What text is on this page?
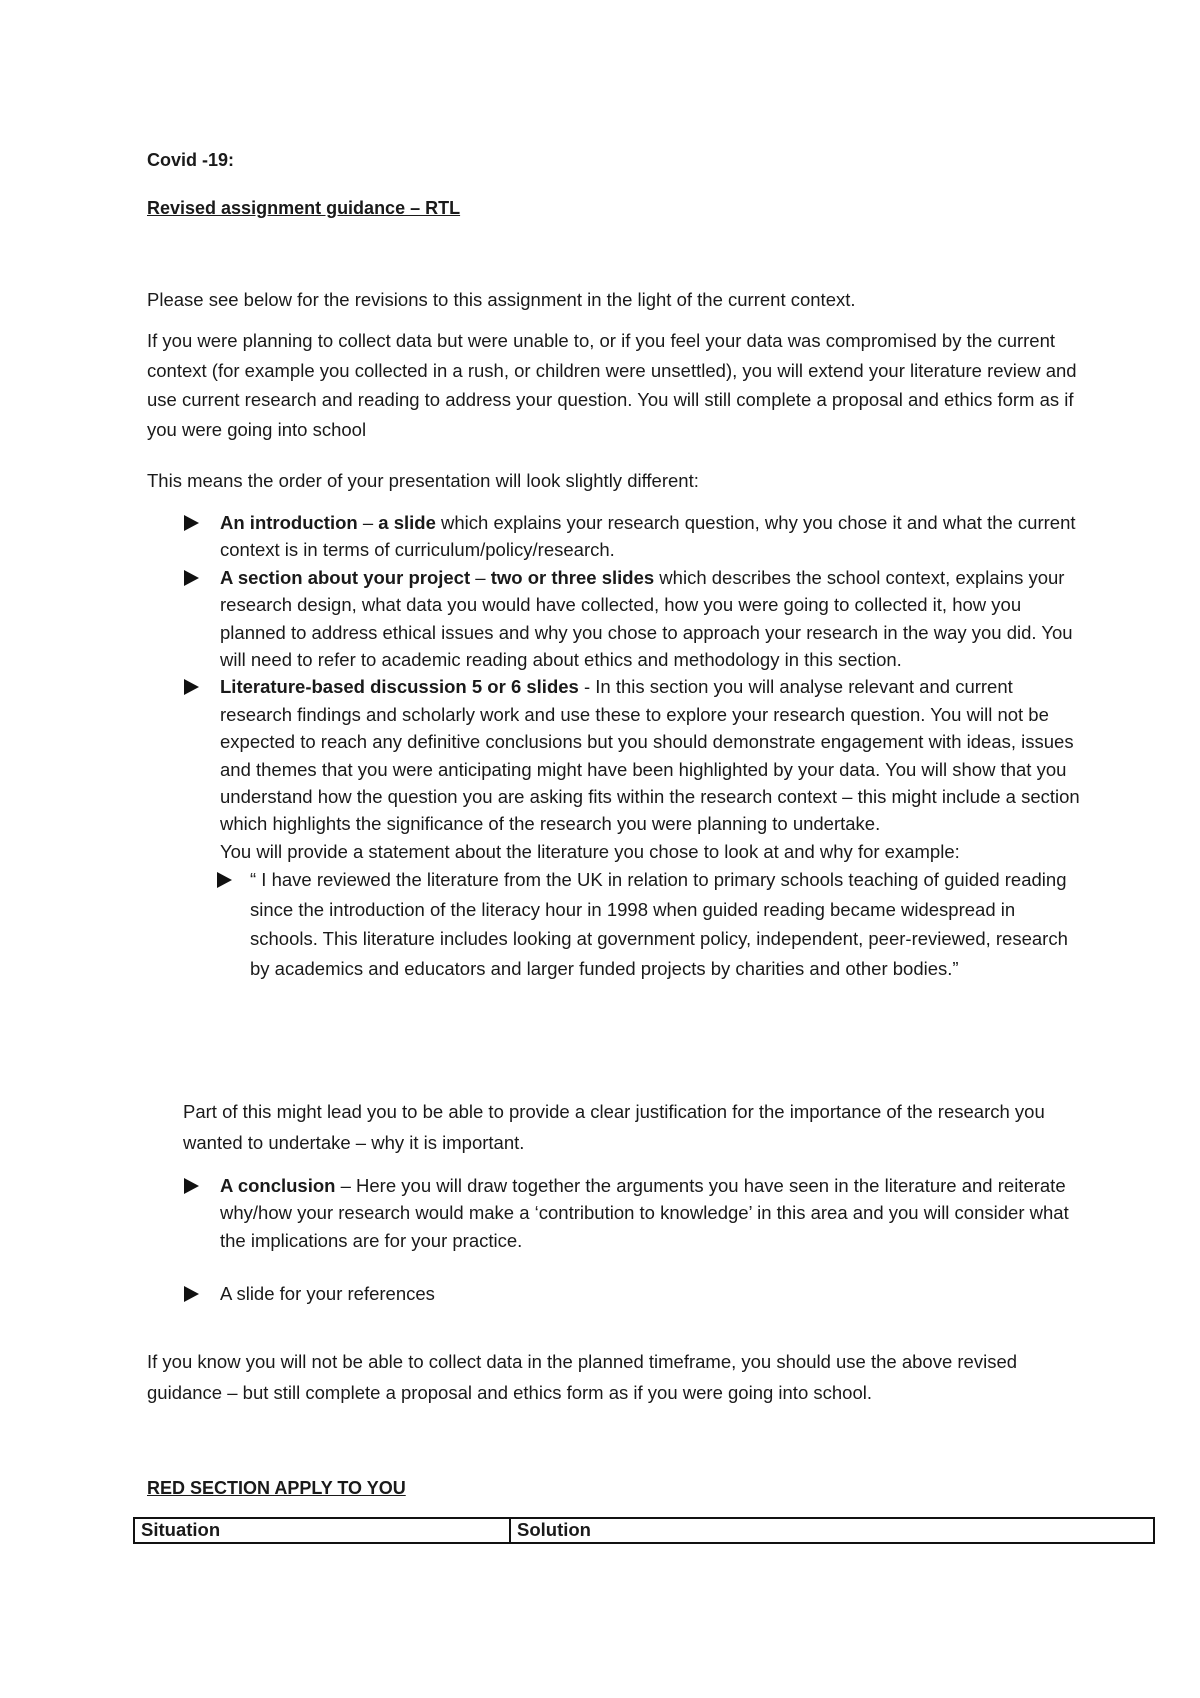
Covid -19:
Revised assignment guidance – RTL
Please see below for the revisions to this assignment in the light of the current context.
If you were planning to collect data but were unable to, or if you feel your data was compromised by the current context (for example you collected in a rush, or children were unsettled), you will extend your literature review and use current research and reading to address your question. You will still complete a proposal and ethics form as if you were going into school
This means the order of your presentation will look slightly different:
An introduction – a slide which explains your research question, why you chose it and what the current context is in terms of curriculum/policy/research.
A section about your project – two or three slides which describes the school context, explains your research design, what data you would have collected, how you were going to collected it, how you planned to address ethical issues and why you chose to approach your research in the way you did. You will need to refer to academic reading about ethics and methodology in this section.
Literature-based discussion 5 or 6 slides - In this section you will analyse relevant and current research findings and scholarly work and use these to explore your research question. You will not be expected to reach any definitive conclusions but you should demonstrate engagement with ideas, issues and themes that you were anticipating might have been highlighted by your data. You will show that you understand how the question you are asking fits within the research context – this might include a section which highlights the significance of the research you were planning to undertake.
You will provide a statement about the literature you chose to look at and why for example:
“ I have reviewed the literature from the UK in relation to primary schools teaching of guided reading since the introduction of the literacy hour in 1998 when guided reading became widespread in schools. This literature includes looking at government policy, independent, peer-reviewed, research by academics and educators and larger funded projects by charities and other bodies.”
Part of this might lead you to be able to provide a clear justification for the importance of the research you wanted to undertake – why it is important.
A conclusion – Here you will draw together the arguments you have seen in the literature and reiterate why/how your research would make a ‘contribution to knowledge’ in this area and you will consider what the implications are for your practice.
A slide for your references
If you know you will not be able to collect data in the planned timeframe, you should use the above revised guidance – but still complete a proposal and ethics form as if you were going into school.
RED SECTION APPLY TO YOU
Situation	Solution
